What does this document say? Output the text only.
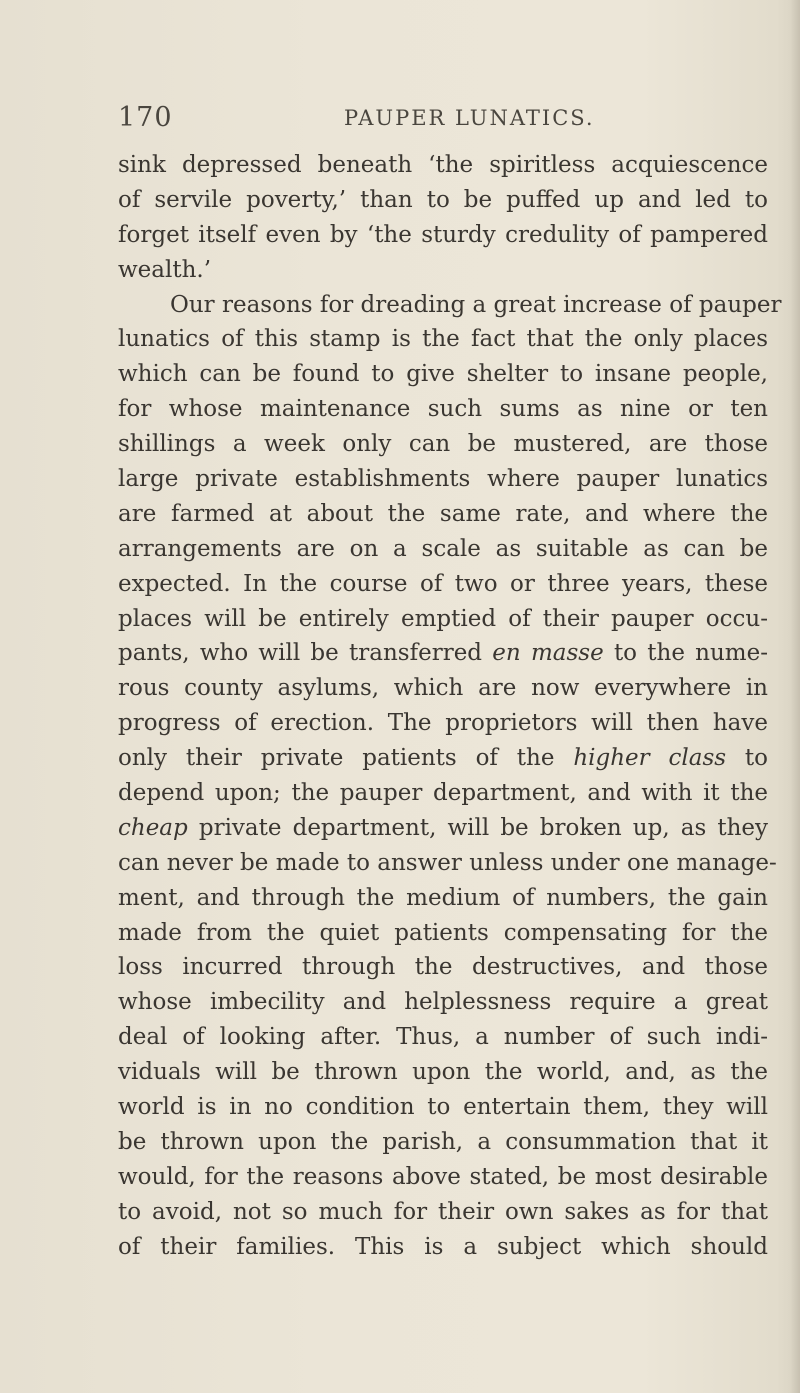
170	PAUPER LUNATICS.
sink depressed beneath ‘the spiritless acquiescence
of servile poverty,’ than to be puffed up and led to
forget itself even by ‘the sturdy credulity of pampered
wealth.’
Our reasons for dreading a great increase of pauper
lunatics of this stamp is the fact that the only places
which can be found to give shelter to insane people,
for whose maintenance such sums as nine or ten
shillings a week only can be mustered, are those
large private establishments where pauper lunatics
are farmed at about the same rate, and where the
arrangements are on a scale as suitable as can be
expected. In the course of two or three years, these
places will be entirely emptied of their pauper occu-
pants, who will be transferred en masse to the nume-
rous county asylums, which are now everywhere in
progress of erection. The proprietors will then have
only their private patients of the higher class to
depend upon; the pauper department, and with it the
cheap private department, will be broken up, as they
can never be made to answer unless under one manage-
ment, and through the medium of numbers, the gain
made from the quiet patients compensating for the
loss incurred through the destructives, and those
whose imbecility and helplessness require a great
deal of looking after. Thus, a number of such indi-
viduals will be thrown upon the world, and, as the
world is in no condition to entertain them, they will
be thrown upon the parish, a consummation that it
would, for the reasons above stated, be most desirable
to avoid, not so much for their own sakes as for that
of their families. This is a subject which should
